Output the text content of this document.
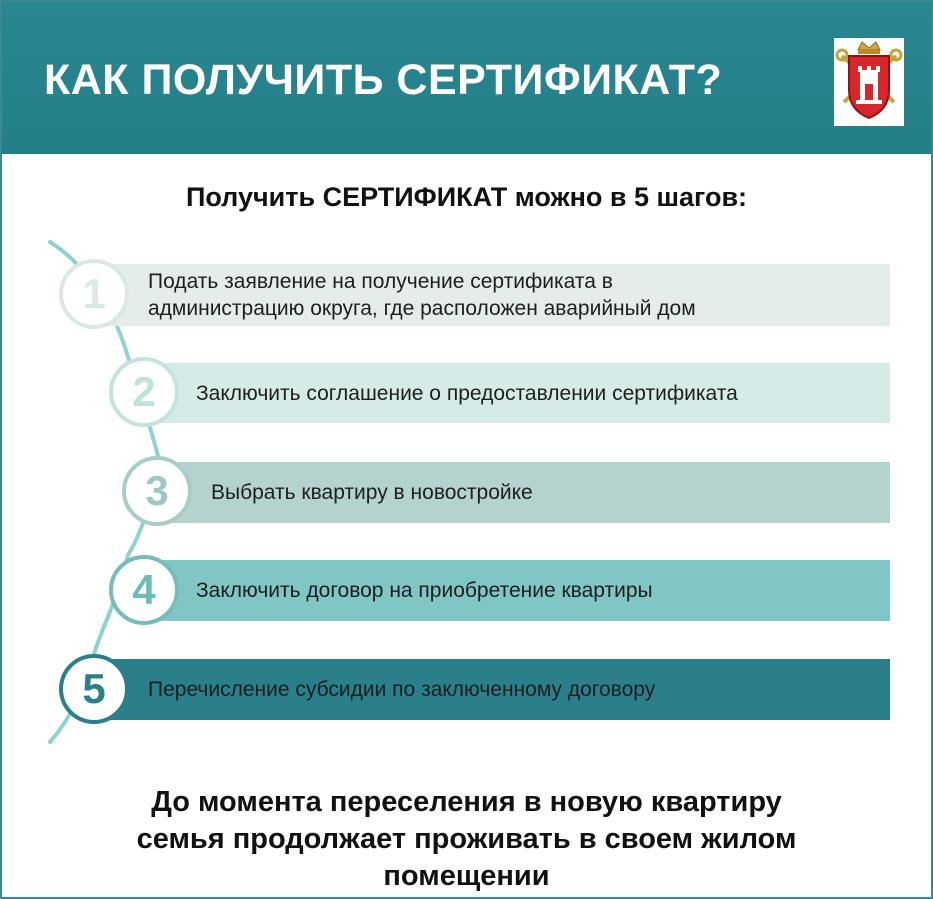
КАК ПОЛУЧИТЬ СЕРТИФИКАТ?
Получить СЕРТИФИКАТ можно в 5 шагов:
Подать заявление на получение сертификата в
администрацию округа, где расположен аварийный дом
1
Заключить соглашение о предоставлении сертификата
2
Выбрать квартиру в новостройке
3
Заключить договор на приобретение квартиры
4
Перечисление субсидии по заключенному договору
5

До момента переселения в новую квартиру
семья продолжает проживать в своем жилом
помещении
